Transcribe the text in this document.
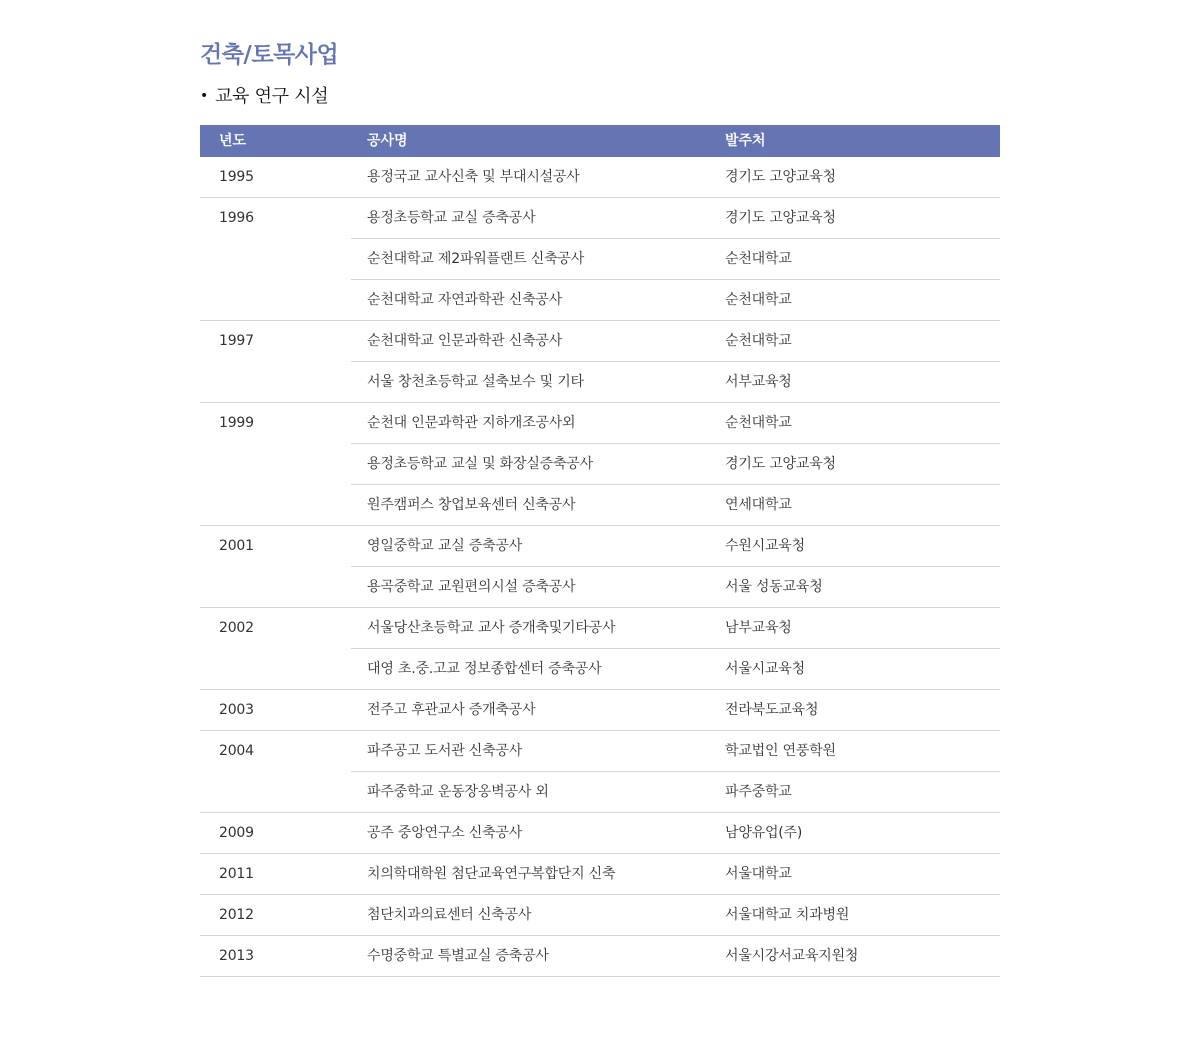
건축/토목사업
• 교육 연구 시설
년도	공사명	발주처
1995	용정국교 교사신축 및 부대시설공사	경기도 고양교육청
1996	용정초등학교 교실 증축공사	경기도 고양교육청
	순천대학교 제2파워플랜트 신축공사	순천대학교
	순천대학교 자연과학관 신축공사	순천대학교
1997	순천대학교 인문과학관 신축공사	순천대학교
	서울 창천초등학교 설축보수 및 기타	서부교육청
1999	순천대 인문과학관 지하개조공사외	순천대학교
	용정초등학교 교실 및 화장실증축공사	경기도 고양교육청
	원주캠퍼스 창업보육센터 신축공사	연세대학교
2001	영일중학교 교실 증축공사	수원시교육청
	용곡중학교 교원편의시설 증축공사	서울 성동교육청
2002	서울당산초등학교 교사 증개축및기타공사	남부교육청
	대영 초.중.고교 정보종합센터 증축공사	서울시교육청
2003	전주고 후관교사 증개축공사	전라북도교육청
2004	파주공고 도서관 신축공사	학교법인 연풍학원
	파주중학교 운동장옹벽공사 외	파주중학교
2009	공주 중앙연구소 신축공사	남양유업(주)
2011	치의학대학원 첨단교육연구복합단지 신축	서울대학교
2012	첨단치과의료센터 신축공사	서울대학교 치과병원
2013	수명중학교 특별교실 증축공사	서울시강서교육지원청
